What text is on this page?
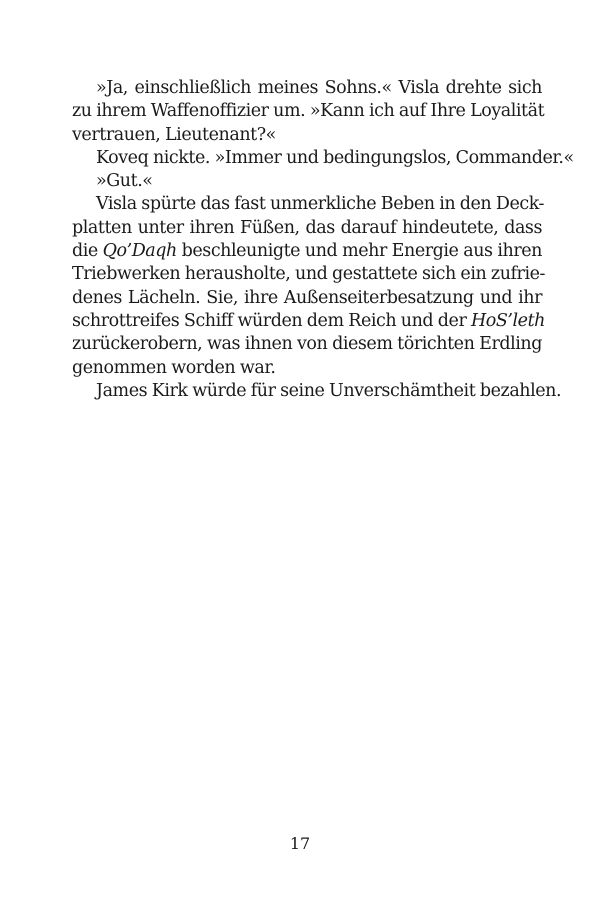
»Ja, einschließlich meines Sohns.« Visla drehte sich
zu ihrem Waffenoffizier um. »Kann ich auf Ihre Loyalität
vertrauen, Lieutenant?«
Koveq nickte. »Immer und bedingungslos, Commander.«
»Gut.«
Visla spürte das fast unmerkliche Beben in den Deck-
platten unter ihren Füßen, das darauf hindeutete, dass
die Qo’Daqh beschleunigte und mehr Energie aus ihren
Triebwerken herausholte, und gestattete sich ein zufrie-
denes Lächeln. Sie, ihre Außenseiterbesatzung und ihr
schrottreifes Schiff würden dem Reich und der HoS’leth
zurückerobern, was ihnen von diesem törichten Erdling
genommen worden war.
James Kirk würde für seine Unverschämtheit bezahlen.
17
